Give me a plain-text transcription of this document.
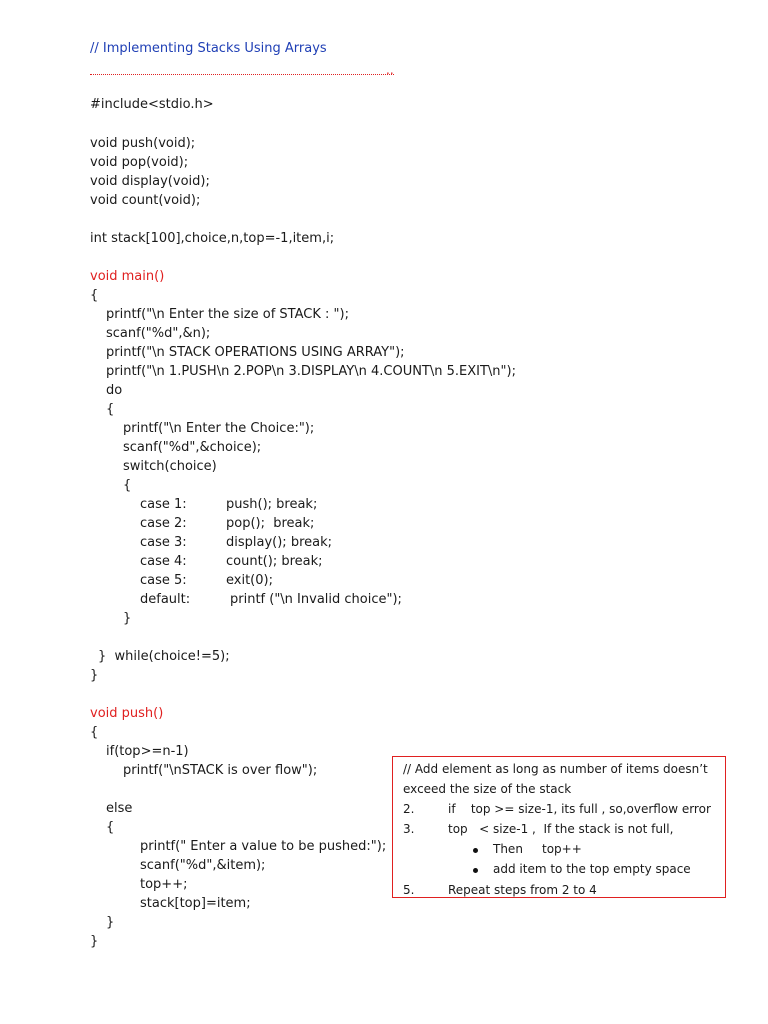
// Implementing Stacks Using Arrays
..
#include<stdio.h>
void push(void);
void pop(void);
void display(void);
void count(void);
int stack[100],choice,n,top=-1,item,i;
void main()
{
printf("\n Enter the size of STACK : ");
scanf("%d",&n);
printf("\n STACK OPERATIONS USING ARRAY");
printf("\n 1.PUSH\n 2.POP\n 3.DISPLAY\n 4.COUNT\n 5.EXIT\n");
do
{
printf("\n Enter the Choice:");
scanf("%d",&choice);
switch(choice)
{
case 1:	push(); break;
case 2:	pop();  break;
case 3:	display(); break;
case 4:	count(); break;
case 5:	exit(0);
default:	printf ("\n Invalid choice");
}
}  while(choice!=5);
}
void push()
{
if(top>=n-1)
printf("\nSTACK is over flow");
else
{
printf(" Enter a value to be pushed:");
scanf("%d",&item);
top++;
stack[top]=item;
}
}
// Add element as long as number of items doesn’t
exceed the size of the stack
2.	if    top >= size-1, its full , so,overflow error
3.	top   < size-1 ,  If the stack is not full,
Then     top++
add item to the top empty space
5.	Repeat steps from 2 to 4
